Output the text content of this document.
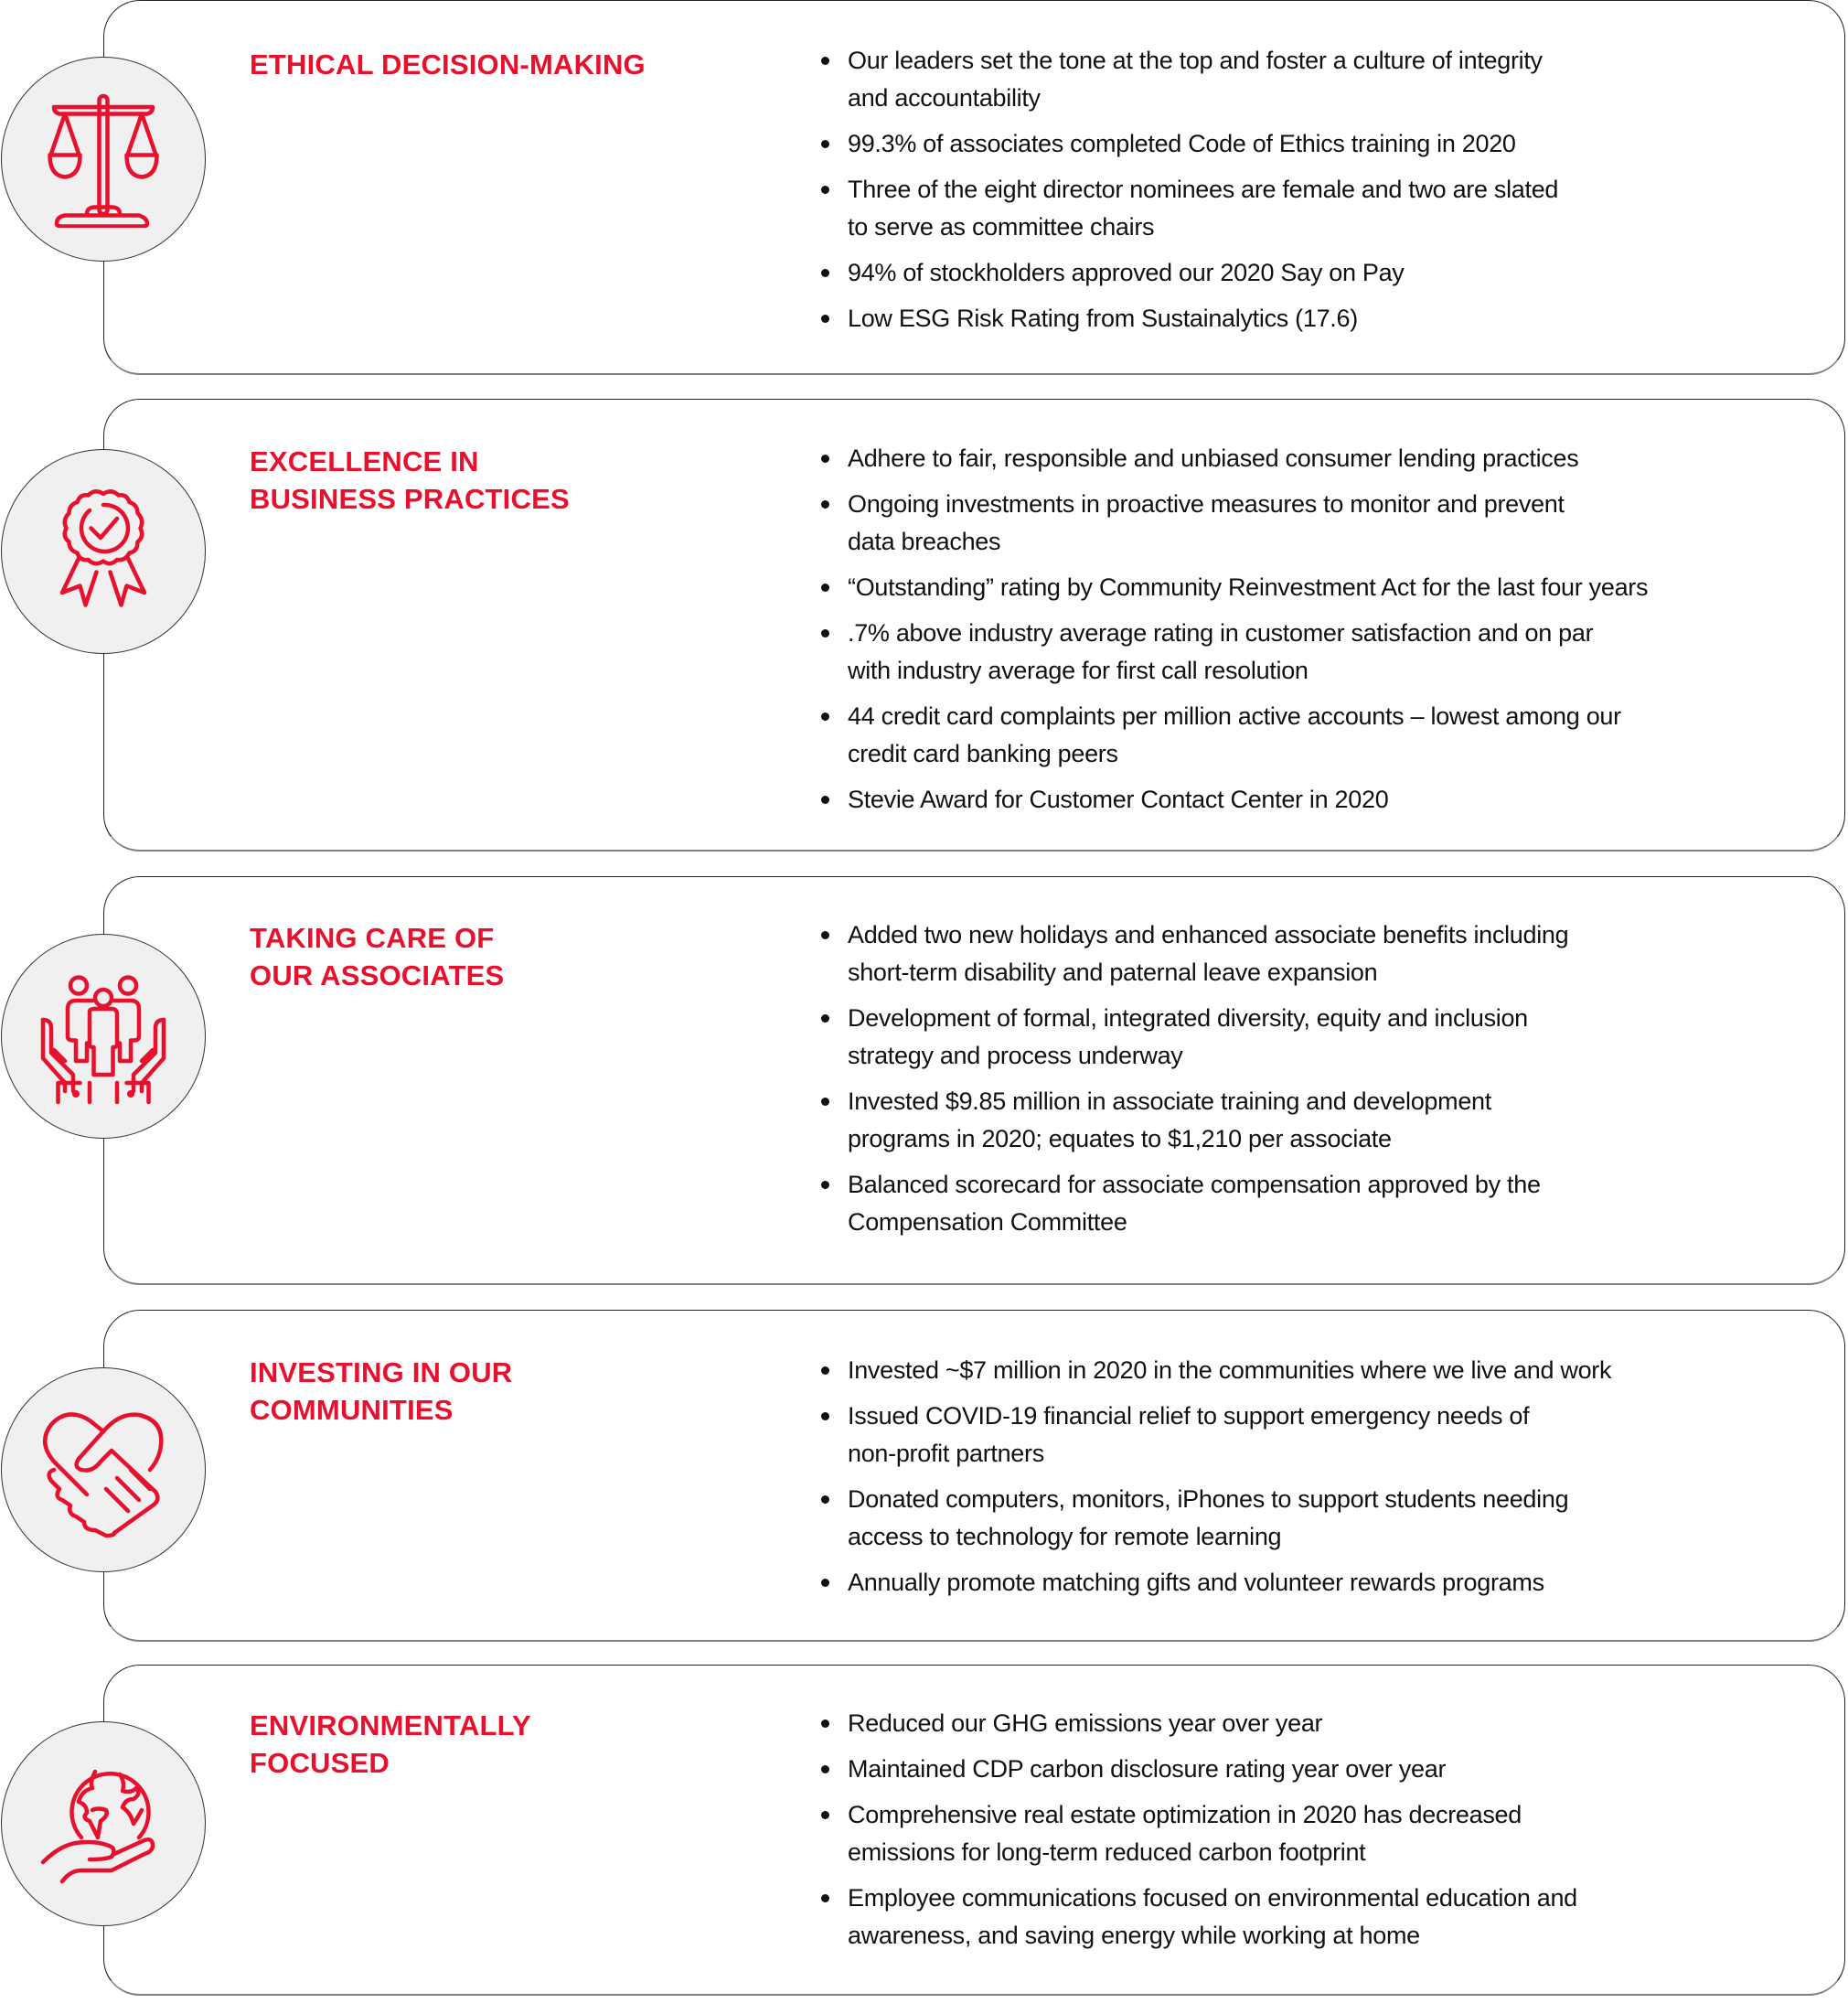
ETHICAL DECISION-MAKING	Our leaders set the tone at the top and foster a culture of integrity
and accountability
99.3% of associates completed Code of Ethics training in 2020
Three of the eight director nominees are female and two are slated
to serve as committee chairs
94% of stockholders approved our 2020 Say on Pay
Low ESG Risk Rating from Sustainalytics (17.6)
EXCELLENCE IN
BUSINESS PRACTICES
Adhere to fair, responsible and unbiased consumer lending practices
Ongoing investments in proactive measures to monitor and prevent
data breaches
“Outstanding” rating by Community Reinvestment Act for the last four years
.7% above industry average rating in customer satisfaction and on par
with industry average for first call resolution
44 credit card complaints per million active accounts – lowest among our
credit card banking peers
Stevie Award for Customer Contact Center in 2020
TAKING CARE OF
OUR ASSOCIATES
Added two new holidays and enhanced associate benefits including
short-term disability and paternal leave expansion
Development of formal, integrated diversity, equity and inclusion
strategy and process underway
Invested $9.85 million in associate training and development
programs in 2020; equates to $1,210 per associate
Balanced scorecard for associate compensation approved by the
Compensation Committee
INVESTING IN OUR
COMMUNITIES
Invested ~$7 million in 2020 in the communities where we live and work
Issued COVID-19 financial relief to support emergency needs of
non-profit partners
Donated computers, monitors, iPhones to support students needing
access to technology for remote learning
Annually promote matching gifts and volunteer rewards programs
ENVIRONMENTALLY
FOCUSED
Reduced our GHG emissions year over year
Maintained CDP carbon disclosure rating year over year
Comprehensive real estate optimization in 2020 has decreased
emissions for long-term reduced carbon footprint
Employee communications focused on environmental education and
awareness, and saving energy while working at home
